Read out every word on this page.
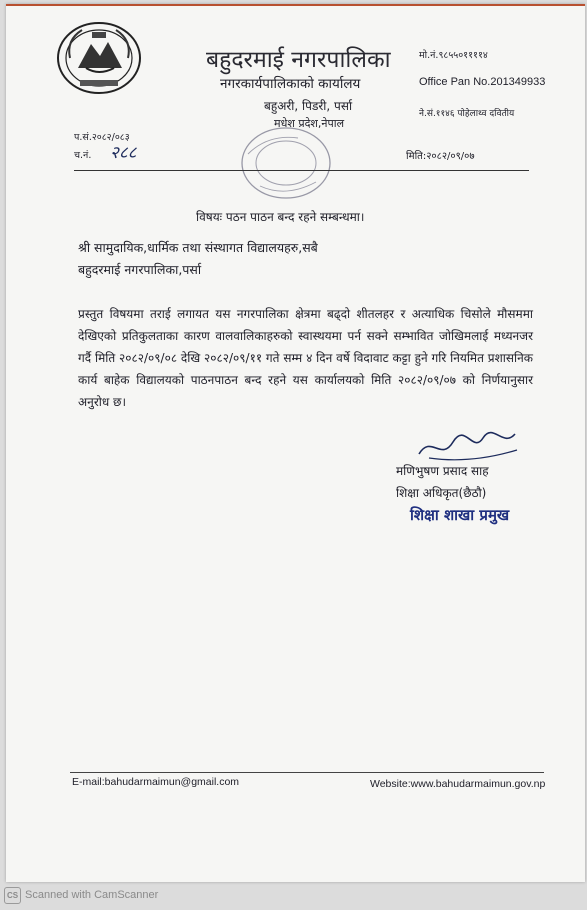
बहुदरमाई नगरपालिका
नगरकार्यपालिकाको कार्यालय
बहुअरी, पिडरी, पर्सा
मधेश प्रदेश,नेपाल
मो.नं.९८५५०११११४
Office Pan No.201349933
ने.सं.११४६ पोहेलाथ्व दवितीय
प.सं.२०८२/०८३
च.नं. २८८	मिति:२०८२/०९/०७
विषयः पठन पाठन बन्द रहने सम्बन्धमा।
श्री सामुदायिक,धार्मिक तथा संस्थागत विद्यालयहरु,सबै
बहुदरमाई नगरपालिका,पर्सा
प्रस्तुत विषयमा तराई लगायत यस नगरपालिका क्षेत्रमा बढ्दो शीतलहर र अत्याधिक चिसोले मौसममा देखिएको प्रतिकुलताका कारण वालवालिकाहरुको स्वास्थयमा पर्न सक्ने सम्भावित जोखिमलाई मध्यनजर गर्दै मिति २०८२/०९/०८ देखि २०८२/०९/११ गते सम्म ४ दिन वर्षे विदावाट कट्टा हुने गरि नियमित प्रशासनिक कार्य बाहेक विद्यालयको पाठनपाठन बन्द रहने यस कार्यालयको मिति २०८२/०९/०७ को निर्णयानुसार अनुरोध छ।
मणिभुषण प्रसाद साह
शिक्षा अधिकृत(छैठौ)
शिक्षा शाखा प्रमुख
E-mail:bahudarmaimun@gmail.com	Website:www.bahudarmaimun.gov.np
CS Scanned with CamScanner
